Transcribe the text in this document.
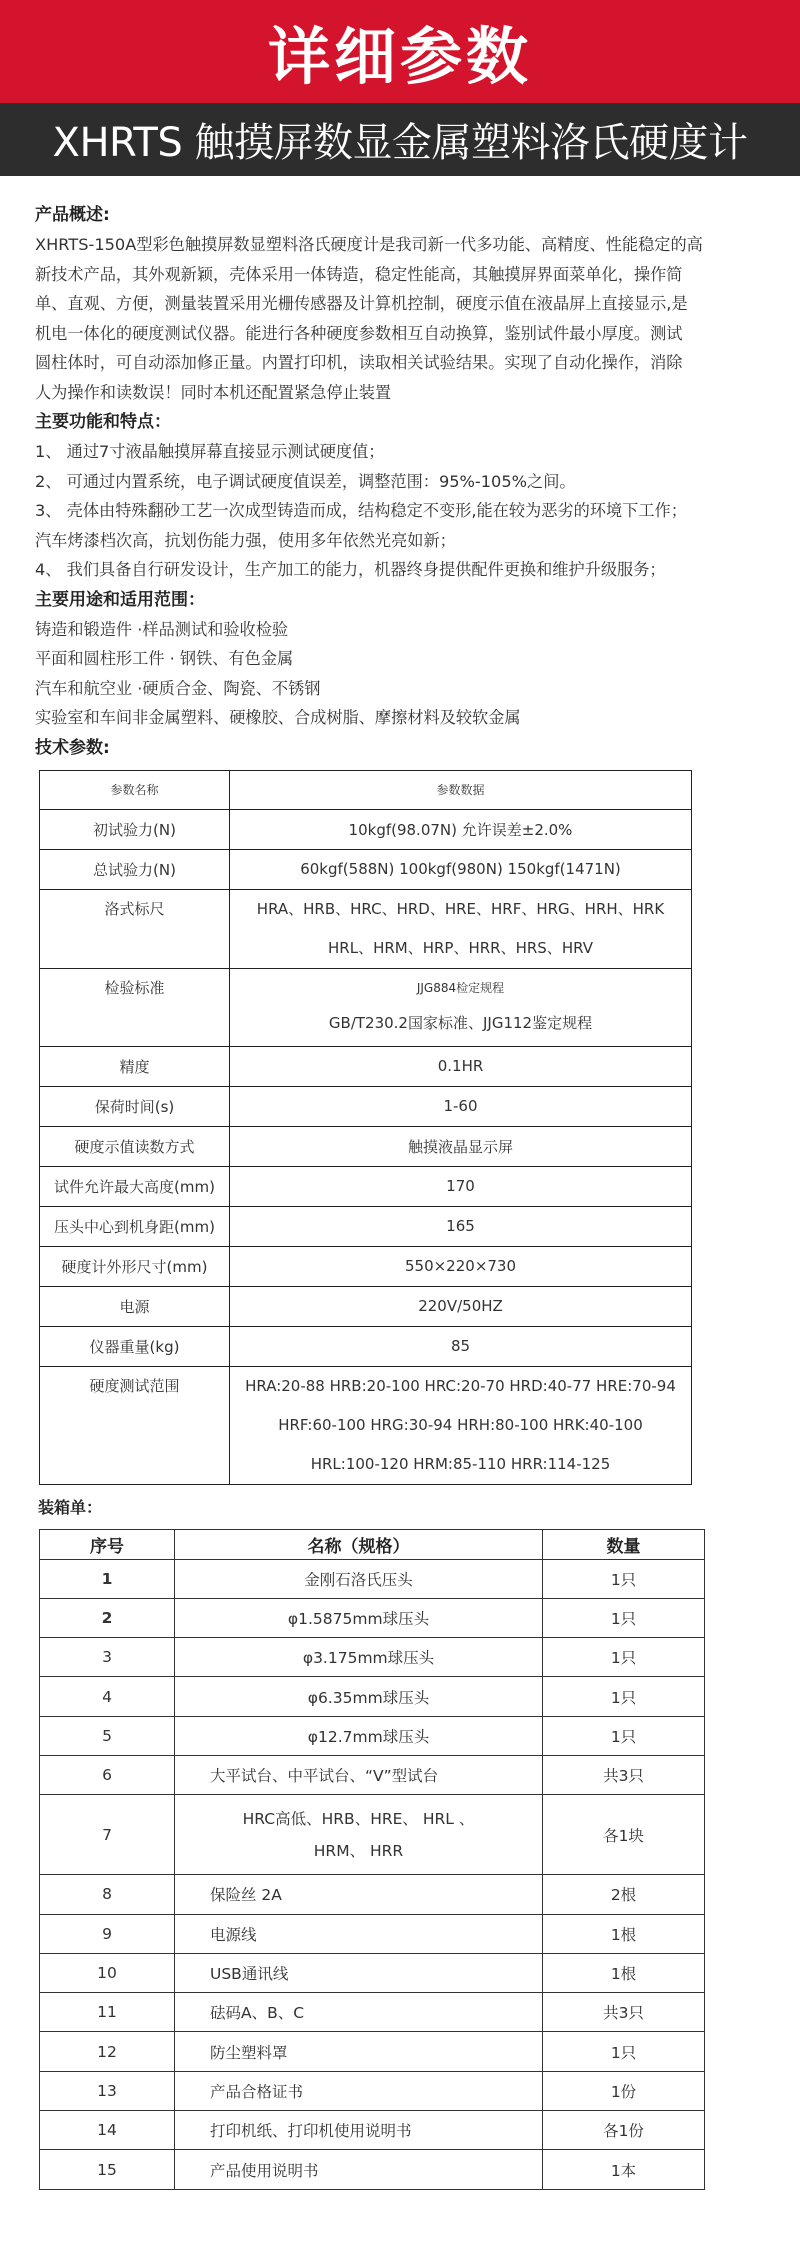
详细参数
XHRTS 触摸屏数显金属塑料洛氏硬度计
产品概述:
XHRTS-150A型彩色触摸屏数显塑料洛氏硬度计是我司新一代多功能、高精度、性能稳定的高
新技术产品，其外观新颖，壳体采用一体铸造，稳定性能高，其触摸屏界面菜单化，操作简
单、直观、方便，测量装置采用光栅传感器及计算机控制，硬度示值在液晶屏上直接显示,是
机电一体化的硬度测试仪器。能进行各种硬度参数相互自动换算，鉴别试件最小厚度。测试
圆柱体时，可自动添加修正量。内置打印机，读取相关试验结果。实现了自动化操作，消除
人为操作和读数误！同时本机还配置紧急停止装置
主要功能和特点：
1、 通过7寸液晶触摸屏幕直接显示测试硬度值；
2、 可通过内置系统，电子调试硬度值误差，调整范围：95%-105%之间。
3、 壳体由特殊翻砂工艺一次成型铸造而成，结构稳定不变形,能在较为恶劣的环境下工作；
汽车烤漆档次高，抗划伤能力强，使用多年依然光亮如新；
4、 我们具备自行研发设计，生产加工的能力，机器终身提供配件更换和维护升级服务；
主要用途和适用范围：
铸造和锻造件 ·样品测试和验收检验
平面和圆柱形工件 · 钢铁、有色金属
汽车和航空业 ·硬质合金、陶瓷、不锈钢
实验室和车间非金属塑料、硬橡胶、合成树脂、摩擦材料及较软金属
技术参数:
参数名称	参数数据
初试验力(N)	10kgf(98.07N) 允许误差±2.0%
总试验力(N)	60kgf(588N) 100kgf(980N) 150kgf(1471N)

洛式标尺	HRA、HRB、HRC、HRD、HRE、HRF、HRG、HRH、HRK
HRL、HRM、HRP、HRR、HRS、HRV

检验标准	JJG884检定规程
GB/T230.2国家标准、JJG112鉴定规程

精度	0.1HR
保荷时间(s)	1-60
硬度示值读数方式	触摸液晶显示屏
试件允许最大高度(mm)	170
压头中心到机身距(mm)	165
硬度计外形尺寸(mm)	550×220×730
电源	220V/50HZ
仪器重量(kg)	85

硬度测试范围	HRA:20-88 HRB:20-100 HRC:20-70 HRD:40-77 HRE:70-94
HRF:60-100 HRG:30-94 HRH:80-100 HRK:40-100
HRL:100-120 HRM:85-110 HRR:114-125
装箱单：
序号	名称（规格）	数量
1	金刚石洛氏压头	1只
2	φ1.5875mm球压头	1只
3	φ3.175mm球压头	1只
4	φ6.35mm球压头	1只
5	φ12.7mm球压头	1只
6	大平试台、中平试台、“V”型试台	共3只
7	HRC高低、HRB、HRE、 HRL 、
HRM、 HRR	各1块
8	保险丝 2A	2根
9	电源线	1根
10	USB通讯线	1根
11	砝码A、B、C	共3只
12	防尘塑料罩	1只
13	产品合格证书	1份
14	打印机纸、打印机使用说明书	各1份
15	产品使用说明书	1本
